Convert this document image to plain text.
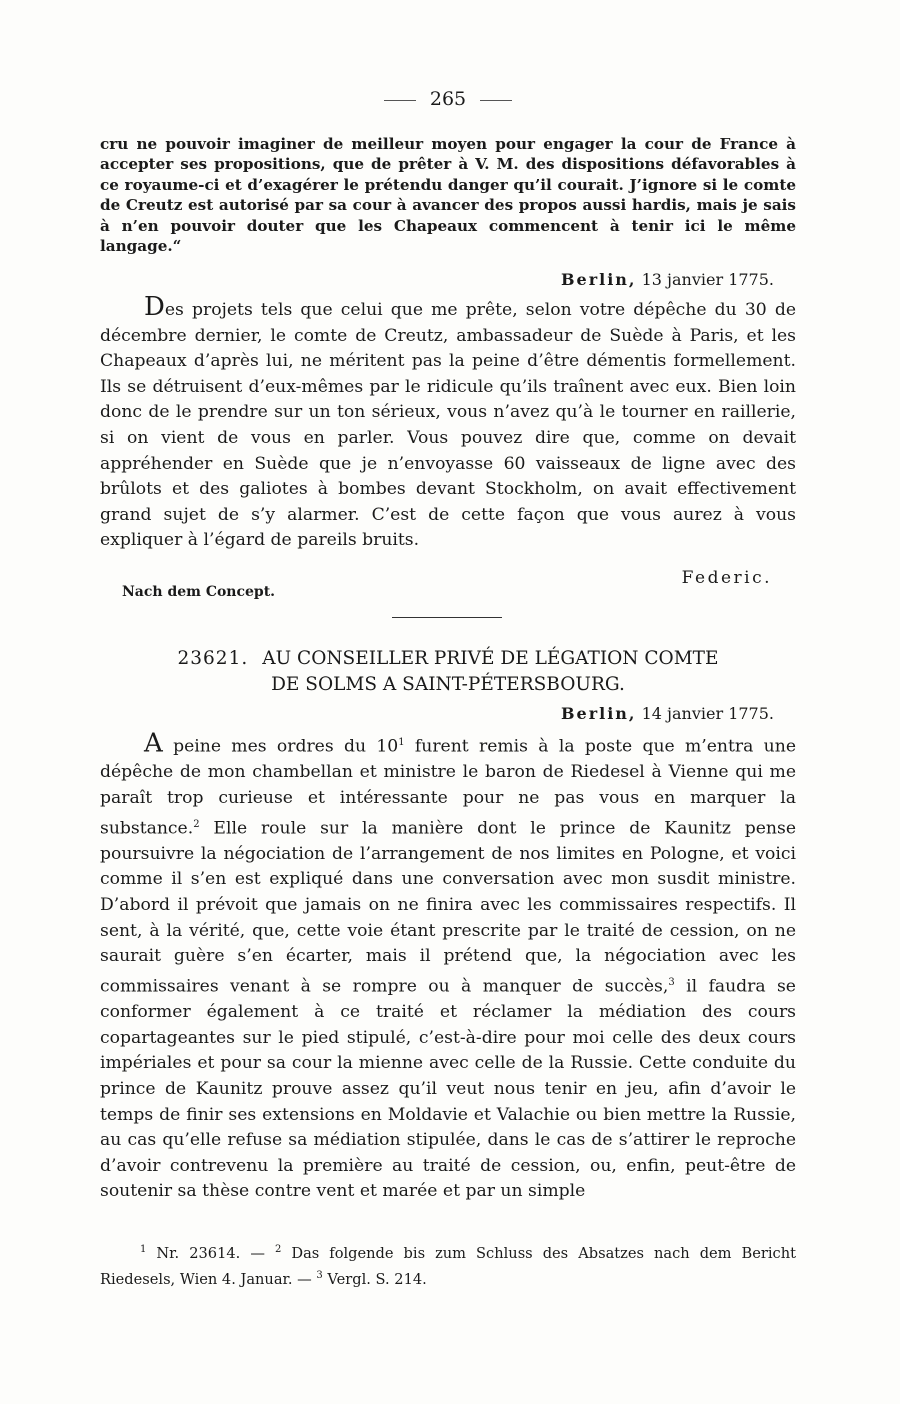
265

cru ne pouvoir imaginer de meilleur moyen pour engager la cour de France à accepter ses propositions, que de prêter à V. M. des dispositions défavorables à ce royaume-ci et d’exagérer le prétendu danger qu’il courait. J’ignore si le comte de Creutz est autorisé par sa cour à avancer des propos aussi hardis, mais je sais à n’en pouvoir douter que les Chapeaux commencent à tenir ici le même langage.“

Berlin, 13 janvier 1775.

Des projets tels que celui que me prête, selon votre dépêche du 30 de décembre dernier, le comte de Creutz, ambassadeur de Suède à Paris, et les Chapeaux d’après lui, ne méritent pas la peine d’être démentis formellement. Ils se détruisent d’eux-mêmes par le ridicule qu’ils traînent avec eux. Bien loin donc de le prendre sur un ton sérieux, vous n’avez qu’à le tourner en raillerie, si on vient de vous en parler. Vous pouvez dire que, comme on devait appréhender en Suède que je n’envoyasse 60 vaisseaux de ligne avec des brûlots et des galiotes à bombes devant Stockholm, on avait effectivement grand sujet de s’y alarmer. C’est de cette façon que vous aurez à vous expliquer à l’égard de pareils bruits.

Federic.
Nach dem Concept.
23621. AU CONSEILLER PRIVÉ DE LÉGATION COMTE
DE SOLMS A SAINT-PÉTERSBOURG.
Berlin, 14 janvier 1775.

A peine mes ordres du $10^1$ furent remis à la poste que m’entra une dépêche de mon chambellan et ministre le baron de Riedesel à Vienne qui me paraît trop curieuse et intéressante pour ne pas vous en marquer la substance.$^2$ Elle roule sur la manière dont le prince de Kaunitz pense poursuivre la négociation de l’arrangement de nos limites en Pologne, et voici comme il s’en est expliqué dans une conversation avec mon susdit ministre. D’abord il prévoit que jamais on ne finira avec les commissaires respectifs. Il sent, à la vérité, que, cette voie étant prescrite par le traité de cession, on ne saurait guère s’en écarter, mais il prétend que, la négociation avec les commissaires venant à se rompre ou à manquer de succès,$^3$ il faudra se conformer également à ce traité et réclamer la médiation des cours copartageantes sur le pied stipulé, c’est-à-dire pour moi celle des deux cours impériales et pour sa cour la mienne avec celle de la Russie. Cette conduite du prince de Kaunitz prouve assez qu’il veut nous tenir en jeu, afin d’avoir le temps de finir ses extensions en Moldavie et Valachie ou bien mettre la Russie, au cas qu’elle refuse sa médiation stipulée, dans le cas de s’attirer le reproche d’avoir contrevenu la première au traité de cession, ou, enfin, peut-être de soutenir sa thèse contre vent et marée et par un simple

$^1$ Nr. 23614. — $^2$ Das folgende bis zum Schluss des Absatzes nach dem Bericht Riedesels, Wien 4. Januar. — $^3$ Vergl. S. 214.
